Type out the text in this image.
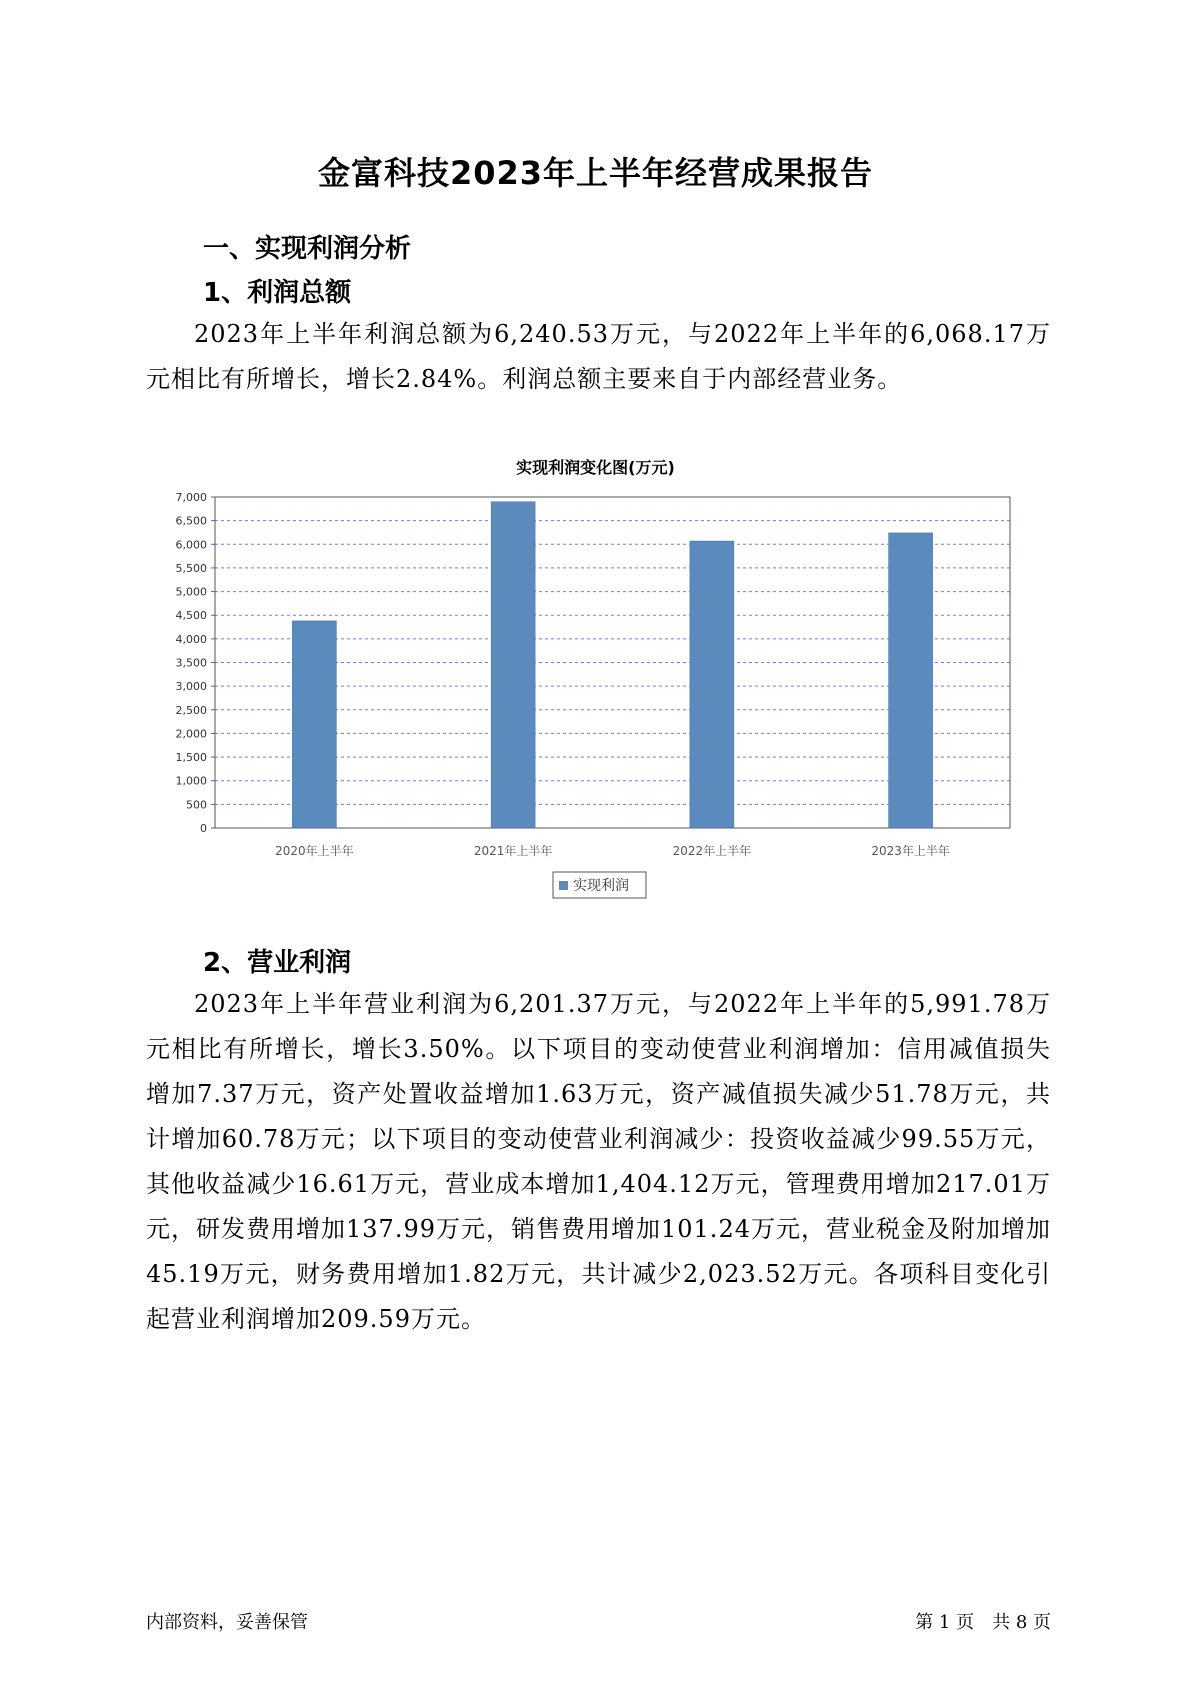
金富科技2023年上半年经营成果报告
一、实现利润分析
1、利润总额
2023年上半年利润总额为6,240.53万元，与2022年上半年的6,068.17万元相比有所增长，增长2.84%。利润总额主要来自于内部经营业务。
实现利润变化图(万元)
0
500
1,000
1,500
2,000
2,500
3,000
3,500
4,000
4,500
5,000
5,500
6,000
6,500
7,000
2020年上半年	2021年上半年	2022年上半年	2023年上半年
实现利润
2、营业利润
2023年上半年营业利润为6,201.37万元，与2022年上半年的5,991.78万元相比有所增长，增长3.50%。以下项目的变动使营业利润增加：信用减值损失增加7.37万元，资产处置收益增加1.63万元，资产减值损失减少51.78万元，共计增加60.78万元；以下项目的变动使营业利润减少：投资收益减少99.55万元，其他收益减少16.61万元，营业成本增加1,404.12万元，管理费用增加217.01万元，研发费用增加137.99万元，销售费用增加101.24万元，营业税金及附加增加45.19万元，财务费用增加1.82万元，共计减少2,023.52万元。各项科目变化引起营业利润增加209.59万元。
内部资料，妥善保管	第 1 页　共 8 页
